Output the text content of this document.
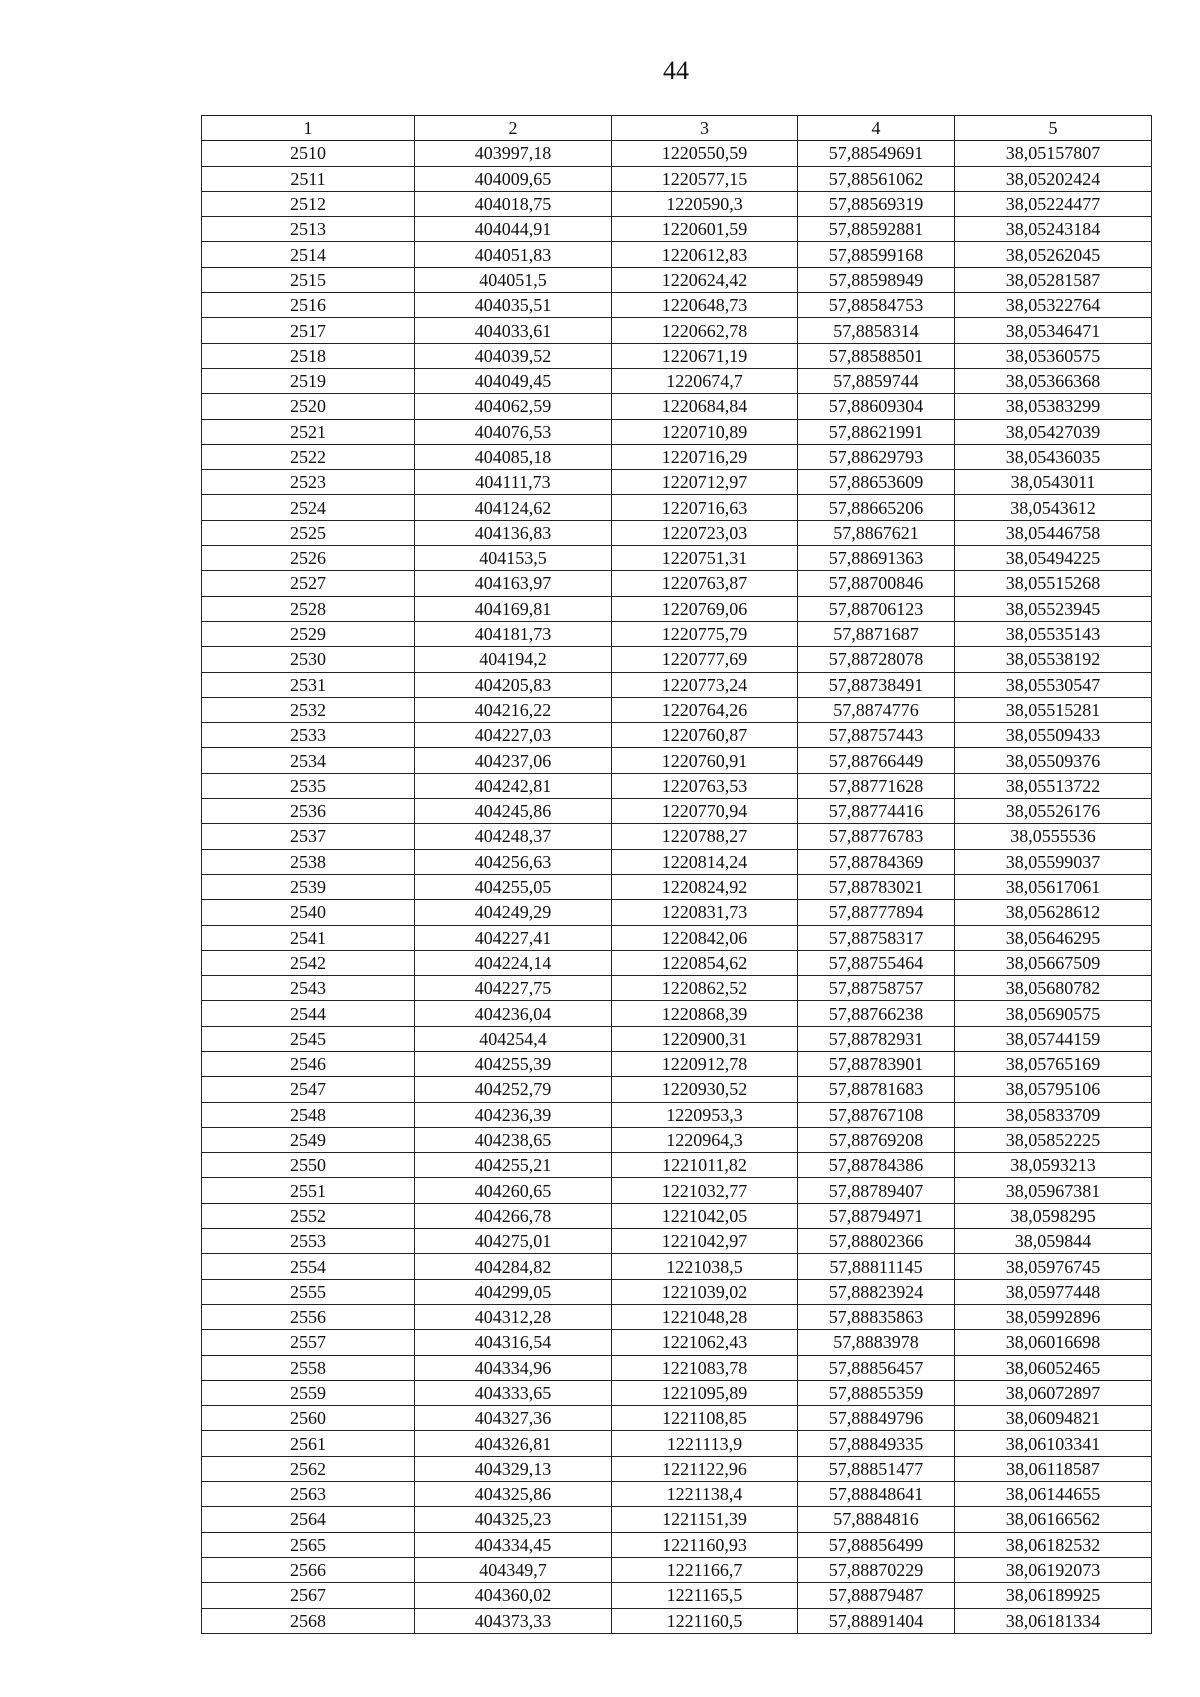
44
1	2	3	4	5
2510	403997,18	1220550,59	57,88549691	38,05157807
2511	404009,65	1220577,15	57,88561062	38,05202424
2512	404018,75	1220590,3	57,88569319	38,05224477
2513	404044,91	1220601,59	57,88592881	38,05243184
2514	404051,83	1220612,83	57,88599168	38,05262045
2515	404051,5	1220624,42	57,88598949	38,05281587
2516	404035,51	1220648,73	57,88584753	38,05322764
2517	404033,61	1220662,78	57,8858314	38,05346471
2518	404039,52	1220671,19	57,88588501	38,05360575
2519	404049,45	1220674,7	57,8859744	38,05366368
2520	404062,59	1220684,84	57,88609304	38,05383299
2521	404076,53	1220710,89	57,88621991	38,05427039
2522	404085,18	1220716,29	57,88629793	38,05436035
2523	404111,73	1220712,97	57,88653609	38,0543011
2524	404124,62	1220716,63	57,88665206	38,0543612
2525	404136,83	1220723,03	57,8867621	38,05446758
2526	404153,5	1220751,31	57,88691363	38,05494225
2527	404163,97	1220763,87	57,88700846	38,05515268
2528	404169,81	1220769,06	57,88706123	38,05523945
2529	404181,73	1220775,79	57,8871687	38,05535143
2530	404194,2	1220777,69	57,88728078	38,05538192
2531	404205,83	1220773,24	57,88738491	38,05530547
2532	404216,22	1220764,26	57,8874776	38,05515281
2533	404227,03	1220760,87	57,88757443	38,05509433
2534	404237,06	1220760,91	57,88766449	38,05509376
2535	404242,81	1220763,53	57,88771628	38,05513722
2536	404245,86	1220770,94	57,88774416	38,05526176
2537	404248,37	1220788,27	57,88776783	38,0555536
2538	404256,63	1220814,24	57,88784369	38,05599037
2539	404255,05	1220824,92	57,88783021	38,05617061
2540	404249,29	1220831,73	57,88777894	38,05628612
2541	404227,41	1220842,06	57,88758317	38,05646295
2542	404224,14	1220854,62	57,88755464	38,05667509
2543	404227,75	1220862,52	57,88758757	38,05680782
2544	404236,04	1220868,39	57,88766238	38,05690575
2545	404254,4	1220900,31	57,88782931	38,05744159
2546	404255,39	1220912,78	57,88783901	38,05765169
2547	404252,79	1220930,52	57,88781683	38,05795106
2548	404236,39	1220953,3	57,88767108	38,05833709
2549	404238,65	1220964,3	57,88769208	38,05852225
2550	404255,21	1221011,82	57,88784386	38,0593213
2551	404260,65	1221032,77	57,88789407	38,05967381
2552	404266,78	1221042,05	57,88794971	38,0598295
2553	404275,01	1221042,97	57,88802366	38,059844
2554	404284,82	1221038,5	57,88811145	38,05976745
2555	404299,05	1221039,02	57,88823924	38,05977448
2556	404312,28	1221048,28	57,88835863	38,05992896
2557	404316,54	1221062,43	57,8883978	38,06016698
2558	404334,96	1221083,78	57,88856457	38,06052465
2559	404333,65	1221095,89	57,88855359	38,06072897
2560	404327,36	1221108,85	57,88849796	38,06094821
2561	404326,81	1221113,9	57,88849335	38,06103341
2562	404329,13	1221122,96	57,88851477	38,06118587
2563	404325,86	1221138,4	57,88848641	38,06144655
2564	404325,23	1221151,39	57,8884816	38,06166562
2565	404334,45	1221160,93	57,88856499	38,06182532
2566	404349,7	1221166,7	57,88870229	38,06192073
2567	404360,02	1221165,5	57,88879487	38,06189925
2568	404373,33	1221160,5	57,88891404	38,06181334
